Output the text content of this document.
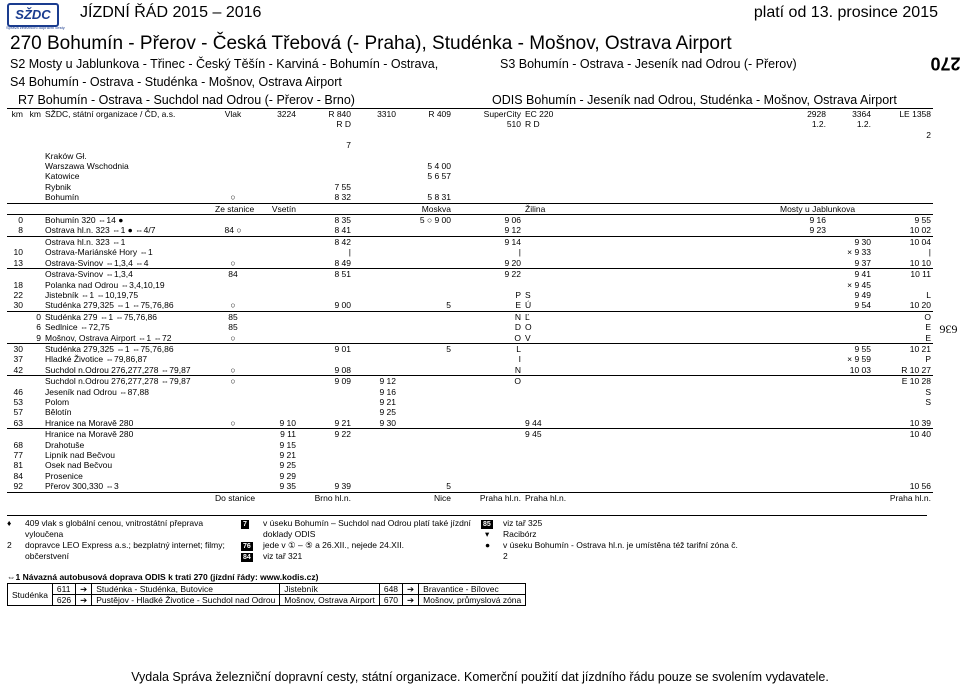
SŽDC
Správa železniční dopravní cesty
JÍZDNÍ ŘÁD 2015 – 2016	platí od 13. prosince 2015
270 Bohumín - Přerov - Česká Třebová (- Praha), Studénka - Mošnov, Ostrava Airport
S2 Mosty u Jablunkova - Třinec - Český Těšín - Karviná - Bohumín - Ostrava,	S3 Bohumín - Ostrava - Jeseník nad Odrou (- Přerov)
S4 Bohumín - Ostrava - Studénka - Mošnov, Ostrava Airport
R7 Bohumín - Ostrava - Suchdol nad Odrou (- Přerov - Brno)	ODIS Bohumín - Jeseník nad Odrou, Studénka - Mošnov, Ostrava Airport
270
636
km	km	SŽDC, státní organizace / ČD, a.s.	Vlak	3224	R 840	3310	R 409	SuperCity	EC 220			2928	3364	LE 1358
					R D			510	R D			1.2.	1.2.	
														2
					7									
		Kraków Gł.												
		Warszawa Wschodnia					5 4 00							
		Katowice					5 6 57							
		Rybnik			7 55									
		Bohumín	○		8 32		5 8 31							
			Ze stanice	Vsetín			Moskva		Žilina			Mosty u Jablunkova		
0		Bohumín 320 ⇔14 ●			8 35		5 ○ 9 00	9 06				9 16		9 55
8		Ostrava hl.n. 323 ⇔1 ● ⇔4/7	84 ○		8 41			9 12				9 23		10 02
		Ostrava hl.n. 323 ⇔1			8 42			9 14					9 30	10 04
10		Ostrava-Mariánské Hory ⇔1			|			|					× 9 33	|
13		Ostrava-Svinov ⇔1,3,4 ⇔4	○		8 49			9 20					9 37	10 10
		Ostrava-Svinov ⇔1,3,4	84		8 51			9 22					9 41	10 11
18		Polanka nad Odrou ⇔3,4,10,19											× 9 45	
22		Jistebník ⇔1 ⇔10,19,75						P	S				9 49	L
30		Studénka 279,325 ⇔1 ⇔75,76,86	○		9 00		5	E	Ú				9 54	10 20
	0	Studénka 279 ⇔1 ⇔75,76,86	85					N	Ľ					O
	6	Sedlnice ⇔72,75	85					D	O					E
	9	Mošnov, Ostrava Airport ⇔1 ⇔72	○					O	V					E
30		Studénka 279,325 ⇔1 ⇔75,76,86			9 01		5	L					9 55	10 21
37		Hladké Životice ⇔79,86,87						I					× 9 59	P
42		Suchdol n.Odrou 276,277,278 ⇔79,87	○		9 08			N					10 03	R 10 27
		Suchdol n.Odrou 276,277,278 ⇔79,87	○		9 09	9 12		O						E 10 28
46		Jeseník nad Odrou ⇔87,88				9 16								S
53		Polom				9 21								S
57		Bělotín				9 25								
63		Hranice na Moravě 280	○	9 10	9 21	9 30			9 44					10 39
		Hranice na Moravě 280		9 11	9 22				9 45					10 40
68		Drahotuše		9 15										
77		Lipník nad Bečvou		9 21										
81		Osek nad Bečvou		9 25										
84		Prosenice		9 29										
92		Přerov 300,330 ⇔3		9 35	9 39		5							10 56
			Do stanice		Brno hl.n.		Nice	Praha hl.n.	Praha hl.n.					Praha hl.n.
♦	409 vlak s globální cenou, vnitrostátní přeprava vyloučena
2	dopravce LEO Express a.s.; bezplatný internet; filmy; občerstvení
7 v úseku Bohumín – Suchdol nad Odrou platí také jízdní doklady ODIS
76 jede v ① – ⑤ a 26.XII., nejede 24.XII.
84 viz tař 321
85 viz tař 325
▾ Racibórz
● v úseku Bohumín - Ostrava hl.n. je umístěna též tarifní zóna č. 2
⇔1 Návazná autobusová doprava ODIS k trati 270 (jízdní řády: www.kodis.cz)
Studénka	611	➔	Studénka - Studénka, Butovice	Jistebník	648	➔	Bravantice - Bílovec
	626	➔	Pustějov - Hladké Životice - Suchdol nad Odrou	Mošnov, Ostrava Airport	670	➔	Mošnov, průmyslová zóna
Vydala Správa železniční dopravní cesty, státní organizace. Komerční použití dat jízdního řádu pouze se svolením vydavatele.
